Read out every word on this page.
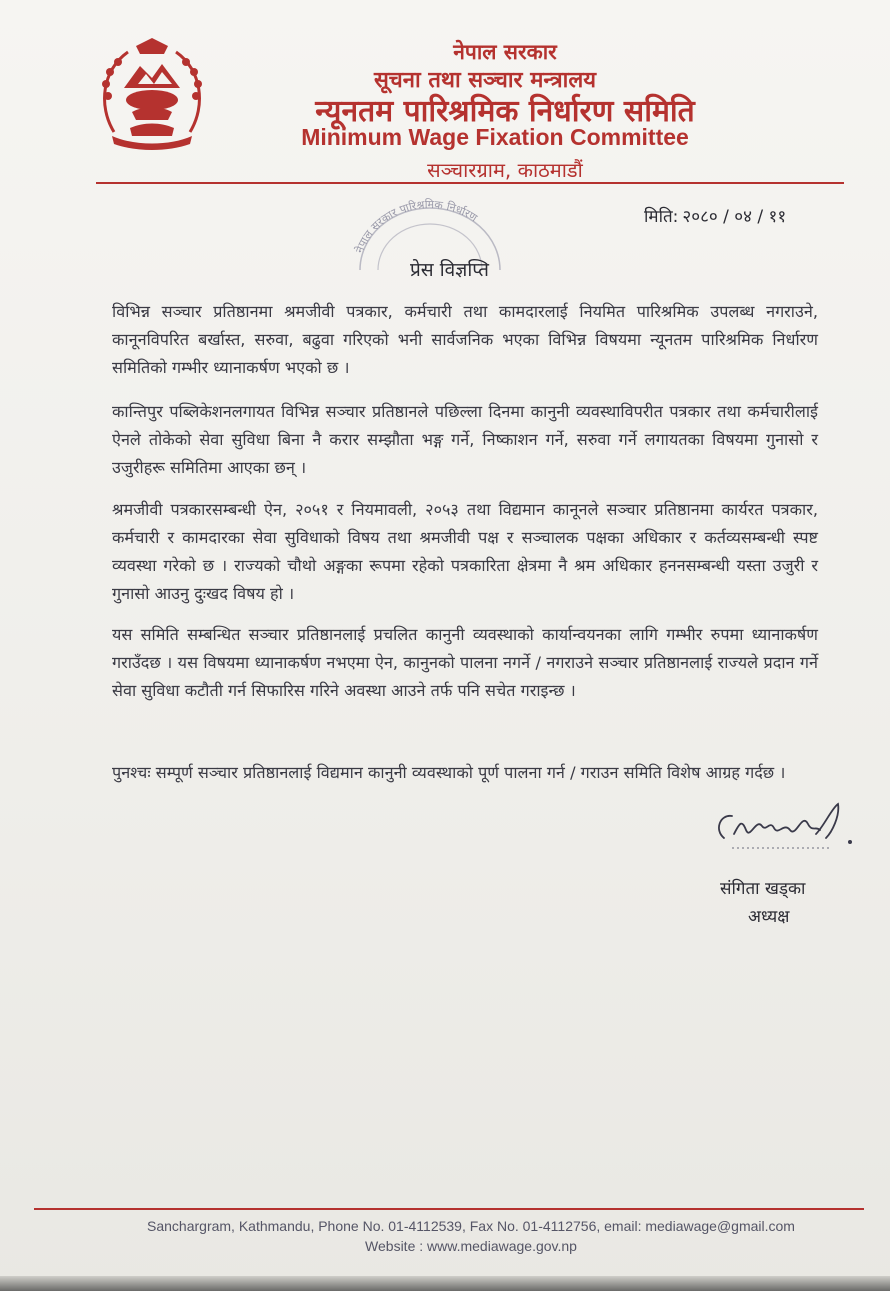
नेपाल सरकार
सूचना तथा सञ्चार मन्त्रालय
न्यूनतम पारिश्रमिक निर्धारण समिति
Minimum Wage Fixation Committee
सञ्चारग्राम, काठमाडौं
नेपाल सरकार पारिश्रमिक निर्धारण	मिति: २०८० / ०४ / ११
प्रेस विज्ञप्ति
विभिन्न सञ्चार प्रतिष्ठानमा श्रमजीवी पत्रकार, कर्मचारी तथा कामदारलाई नियमित पारिश्रमिक उपलब्ध नगराउने, कानूनविपरित बर्खास्त, सरुवा, बढुवा गरिएको भनी सार्वजनिक भएका विभिन्न विषयमा न्यूनतम पारिश्रमिक निर्धारण समितिको गम्भीर ध्यानाकर्षण भएको छ ।
कान्तिपुर पब्लिकेशनलगायत विभिन्न सञ्चार प्रतिष्ठानले पछिल्ला दिनमा कानुनी व्यवस्थाविपरीत पत्रकार तथा कर्मचारीलाई ऐनले तोकेको सेवा सुविधा बिना नै करार सम्झौता भङ्ग गर्ने, निष्काशन गर्ने, सरुवा गर्ने लगायतका विषयमा गुनासो र उजुरीहरू समितिमा आएका छन् ।
श्रमजीवी पत्रकारसम्बन्धी ऐन, २०५१ र नियमावली, २०५३ तथा विद्यमान कानूनले सञ्चार प्रतिष्ठानमा कार्यरत पत्रकार, कर्मचारी र कामदारका सेवा सुविधाको विषय तथा श्रमजीवी पक्ष र सञ्चालक पक्षका अधिकार र कर्तव्यसम्बन्धी स्पष्ट व्यवस्था गरेको छ । राज्यको चौथो अङ्गका रूपमा रहेको पत्रकारिता क्षेत्रमा नै श्रम अधिकार हननसम्बन्धी यस्ता उजुरी र गुनासो आउनु दुःखद विषय हो ।
यस समिति सम्बन्धित सञ्चार प्रतिष्ठानलाई प्रचलित कानुनी व्यवस्थाको कार्यान्वयनका लागि गम्भीर रुपमा ध्यानाकर्षण गराउँदछ । यस विषयमा ध्यानाकर्षण नभएमा ऐन, कानुनको पालना नगर्ने / नगराउने सञ्चार प्रतिष्ठानलाई राज्यले प्रदान गर्ने सेवा सुविधा कटौती गर्न सिफारिस गरिने अवस्था आउने तर्फ पनि सचेत गराइन्छ ।
पुनश्चः सम्पूर्ण सञ्चार प्रतिष्ठानलाई विद्यमान कानुनी व्यवस्थाको पूर्ण पालना गर्न / गराउन समिति विशेष आग्रह गर्दछ ।
संगिता खड्का
अध्यक्ष
Sanchargram, Kathmandu, Phone No. 01-4112539, Fax No. 01-4112756, email: mediawage@gmail.com
Website : www.mediawage.gov.np
